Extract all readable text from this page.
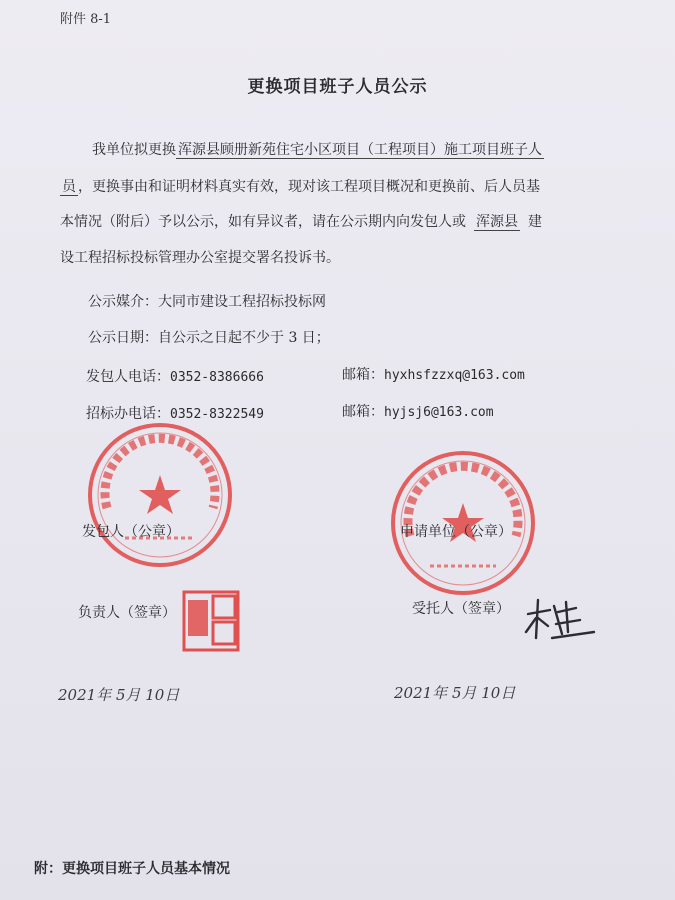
附件 8-1
更换项目班子人员公示
我单位拟更换 浑源县顾册新苑住宅小区项目（工程项目）施工项目班子人
员 ，更换事由和证明材料真实有效，现对该工程项目概况和更换前、后人员基
本情况（附后）予以公示，如有异议者，请在公示期内向发包人或 浑源县 建
设工程招标投标管理办公室提交署名投诉书。
公示媒介：大同市建设工程招标投标网
公示日期：自公示之日起不少于 3 日；
发包人电话：0352-8386666	邮箱：hyxhsfzzxq@163.com
招标办电话：0352-8322549	邮箱：hyjsj6@163.com
发包人（公章）	申请单位（公章）
负责人（签章）	受托人（签章）
2021年 5月 10日	2021年 5月 10日
附：更换项目班子人员基本情况
